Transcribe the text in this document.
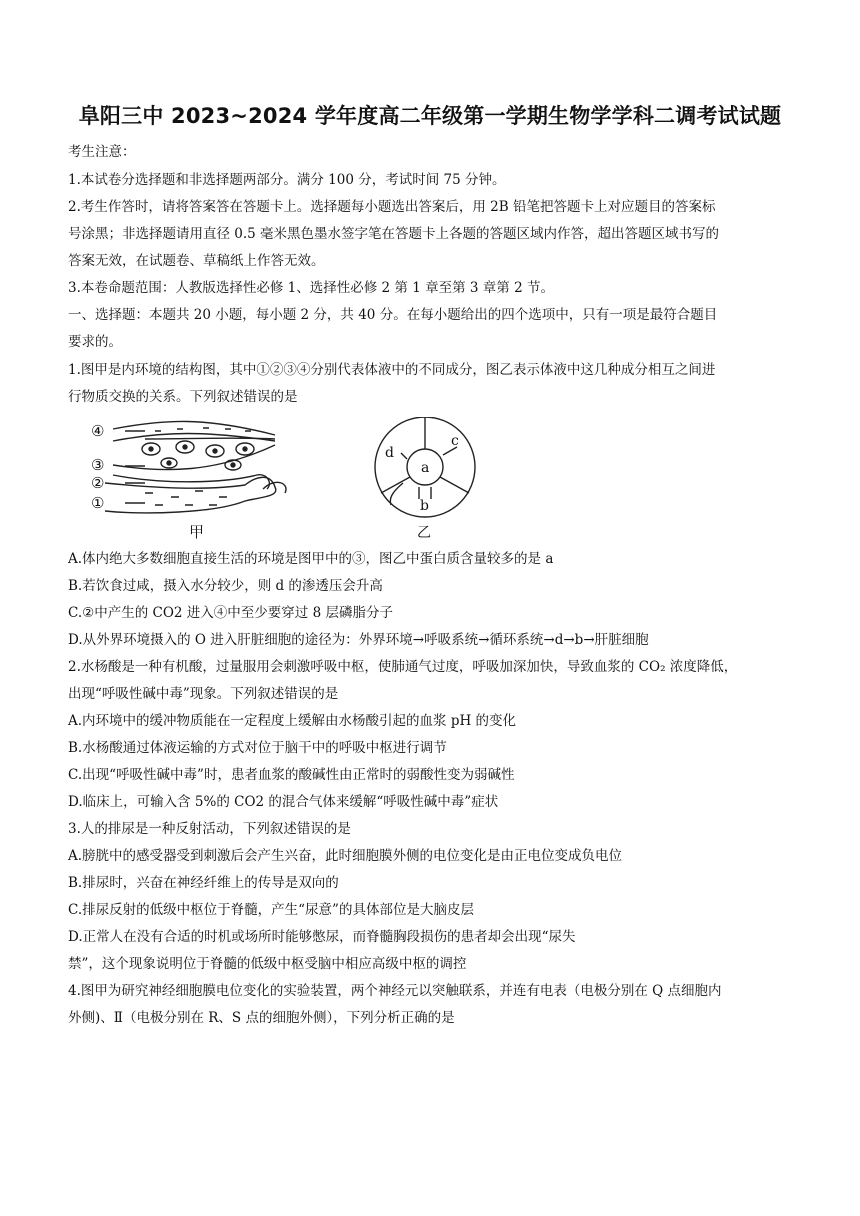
阜阳三中 2023~2024 学年度高二年级第一学期生物学学科二调考试试题
考生注意：
1.本试卷分选择题和非选择题两部分。满分 100 分，考试时间 75 分钟。
2.考生作答时，请将答案答在答题卡上。选择题每小题选出答案后，用 2B 铅笔把答题卡上对应题目的答案标
号涂黑；非选择题请用直径 0.5 毫米黑色墨水签字笔在答题卡上各题的答题区域内作答，超出答题区域书写的
答案无效，在试题卷、草稿纸上作答无效。
3.本卷命题范围：人教版选择性必修 1、选择性必修 2 第 1 章至第 3 章第 2 节。
一、选择题：本题共 20 小题，每小题 2 分，共 40 分。在每小题给出的四个选项中，只有一项是最符合题目
要求的。
1.图甲是内环境的结构图，其中①②③④分别代表体液中的不同成分，图乙表示体液中这几种成分相互之间进
行物质交换的关系。下列叙述错误的是
④
③
②
①
甲
a
b
c
d
乙
A.体内绝大多数细胞直接生活的环境是图甲中的③，图乙中蛋白质含量较多的是 a
B.若饮食过咸，摄入水分较少，则 d 的渗透压会升高
C.②中产生的 CO2 进入④中至少要穿过 8 层磷脂分子
D.从外界环境摄入的 O 进入肝脏细胞的途径为：外界环境→呼吸系统→循环系统→d→b→肝脏细胞
2.水杨酸是一种有机酸，过量服用会刺激呼吸中枢，使肺通气过度，呼吸加深加快，导致血浆的 CO₂ 浓度降低，
出现“呼吸性碱中毒”现象。下列叙述错误的是
A.内环境中的缓冲物质能在一定程度上缓解由水杨酸引起的血浆 pH 的变化
B.水杨酸通过体液运输的方式对位于脑干中的呼吸中枢进行调节
C.出现“呼吸性碱中毒”时，患者血浆的酸碱性由正常时的弱酸性变为弱碱性
D.临床上，可输入含 5%的 CO2 的混合气体来缓解“呼吸性碱中毒”症状
3.人的排尿是一种反射活动，下列叙述错误的是
A.膀胱中的感受器受到刺激后会产生兴奋，此时细胞膜外侧的电位变化是由正电位变成负电位
B.排尿时，兴奋在神经纤维上的传导是双向的
C.排尿反射的低级中枢位于脊髓，产生“尿意”的具体部位是大脑皮层
D.正常人在没有合适的时机或场所时能够憋尿，而脊髓胸段损伤的患者却会出现“尿失
禁”，这个现象说明位于脊髓的低级中枢受脑中相应高级中枢的调控
4.图甲为研究神经细胞膜电位变化的实验装置，两个神经元以突触联系，并连有电表（电极分别在 Q 点细胞内
外侧)、Ⅱ（电极分别在 R、S 点的细胞外侧），下列分析正确的是
